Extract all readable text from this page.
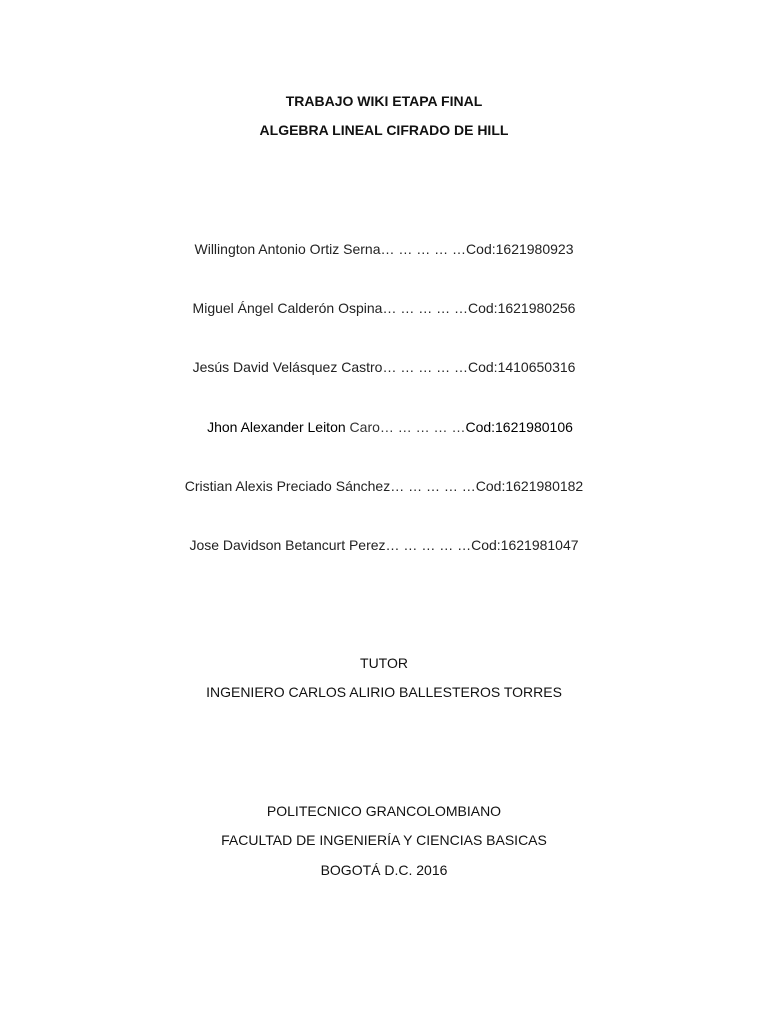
TRABAJO WIKI ETAPA FINAL
ALGEBRA LINEAL CIFRADO DE HILL
Willington Antonio Ortiz Serna… … … … …Cod:1621980923
Miguel Ángel Calderón Ospina… … … … …Cod:1621980256
Jesús David Velásquez Castro… … … … …Cod:1410650316
Jhon Alexander Leiton Caro… … … … …Cod:1621980106
Cristian Alexis Preciado Sánchez… … … … …Cod:1621980182
Jose Davidson Betancurt Perez… … … … …Cod:1621981047
TUTOR
INGENIERO CARLOS ALIRIO BALLESTEROS TORRES
POLITECNICO GRANCOLOMBIANO
FACULTAD DE INGENIERÍA Y CIENCIAS BASICAS
BOGOTÁ D.C. 2016
